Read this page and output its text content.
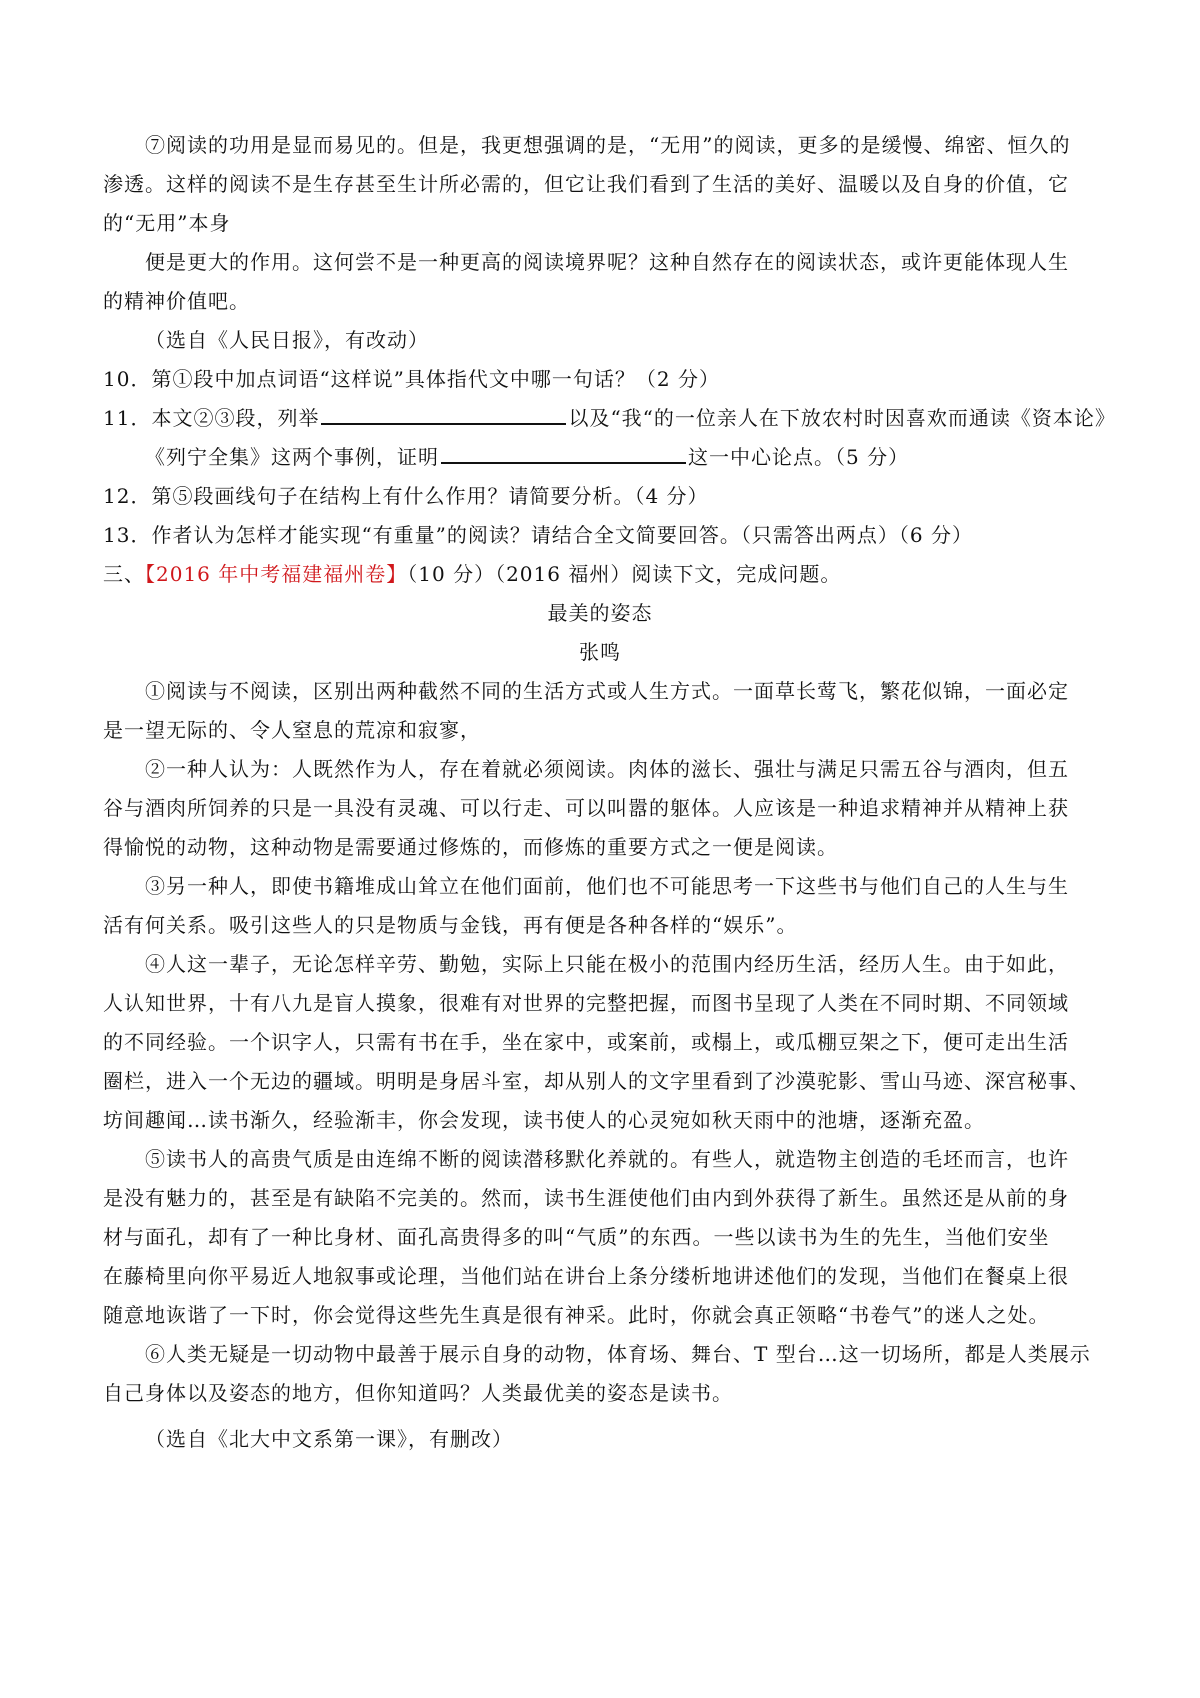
⑦阅读的功用是显而易见的。但是，我更想强调的是，“无用”的阅读，更多的是缓慢、绵密、恒久的
渗透。这样的阅读不是生存甚至生计所必需的，但它让我们看到了生活的美好、温暖以及自身的价值，它
的“无用”本身
便是更大的作用。这何尝不是一种更高的阅读境界呢？这种自然存在的阅读状态，或许更能体现人生
的精神价值吧。
（选自《人民日报》，有改动）
10．第①段中加点词语“这样说”具体指代文中哪一句话？（2 分）
11．本文②③段，列举	以及“我“的一位亲人在下放农村时因喜欢而通读《资本论》
《列宁全集》这两个事例，证明	这一中心论点。（5 分）
12．第⑤段画线句子在结构上有什么作用？请简要分析。（4 分）
13．作者认为怎样才能实现“有重量”的阅读？请结合全文简要回答。（只需答出两点）（6 分）
三、【2016 年中考福建福州卷】（10 分）（2016 福州）阅读下文，完成问题。
最美的姿态
张鸣
①阅读与不阅读，区别出两种截然不同的生活方式或人生方式。一面草长莺飞，繁花似锦，一面必定
是一望无际的、令人窒息的荒凉和寂寥，
②一种人认为：人既然作为人，存在着就必须阅读。肉体的滋长、强壮与满足只需五谷与酒肉，但五
谷与酒肉所饲养的只是一具没有灵魂、可以行走、可以叫嚣的躯体。人应该是一种追求精神并从精神上获
得愉悦的动物，这种动物是需要通过修炼的，而修炼的重要方式之一便是阅读。
③另一种人，即使书籍堆成山耸立在他们面前，他们也不可能思考一下这些书与他们自己的人生与生
活有何关系。吸引这些人的只是物质与金钱，再有便是各种各样的“娱乐”。
④人这一辈子，无论怎样辛劳、勤勉，实际上只能在极小的范围内经历生活，经历人生。由于如此，
人认知世界，十有八九是盲人摸象，很难有对世界的完整把握，而图书呈现了人类在不同时期、不同领域
的不同经验。一个识字人，只需有书在手，坐在家中，或案前，或榻上，或瓜棚豆架之下，便可走出生活
圈栏，进入一个无边的疆域。明明是身居斗室，却从别人的文字里看到了沙漠驼影、雪山马迹、深宫秘事、
坊间趣闻…读书渐久，经验渐丰，你会发现，读书使人的心灵宛如秋天雨中的池塘，逐渐充盈。
⑤读书人的高贵气质是由连绵不断的阅读潜移默化养就的。有些人，就造物主创造的毛坯而言，也许
是没有魅力的，甚至是有缺陷不完美的。然而，读书生涯使他们由内到外获得了新生。虽然还是从前的身
材与面孔，却有了一种比身材、面孔高贵得多的叫“气质”的东西。一些以读书为生的先生，当他们安坐
在藤椅里向你平易近人地叙事或论理，当他们站在讲台上条分缕析地讲述他们的发现，当他们在餐桌上很
随意地诙谐了一下时，你会觉得这些先生真是很有神采。此时，你就会真正领略“书卷气”的迷人之处。
⑥人类无疑是一切动物中最善于展示自身的动物，体育场、舞台、T 型台…这一切场所，都是人类展示
自己身体以及姿态的地方，但你知道吗？人类最优美的姿态是读书。
（选自《北大中文系第一课》，有删改）
